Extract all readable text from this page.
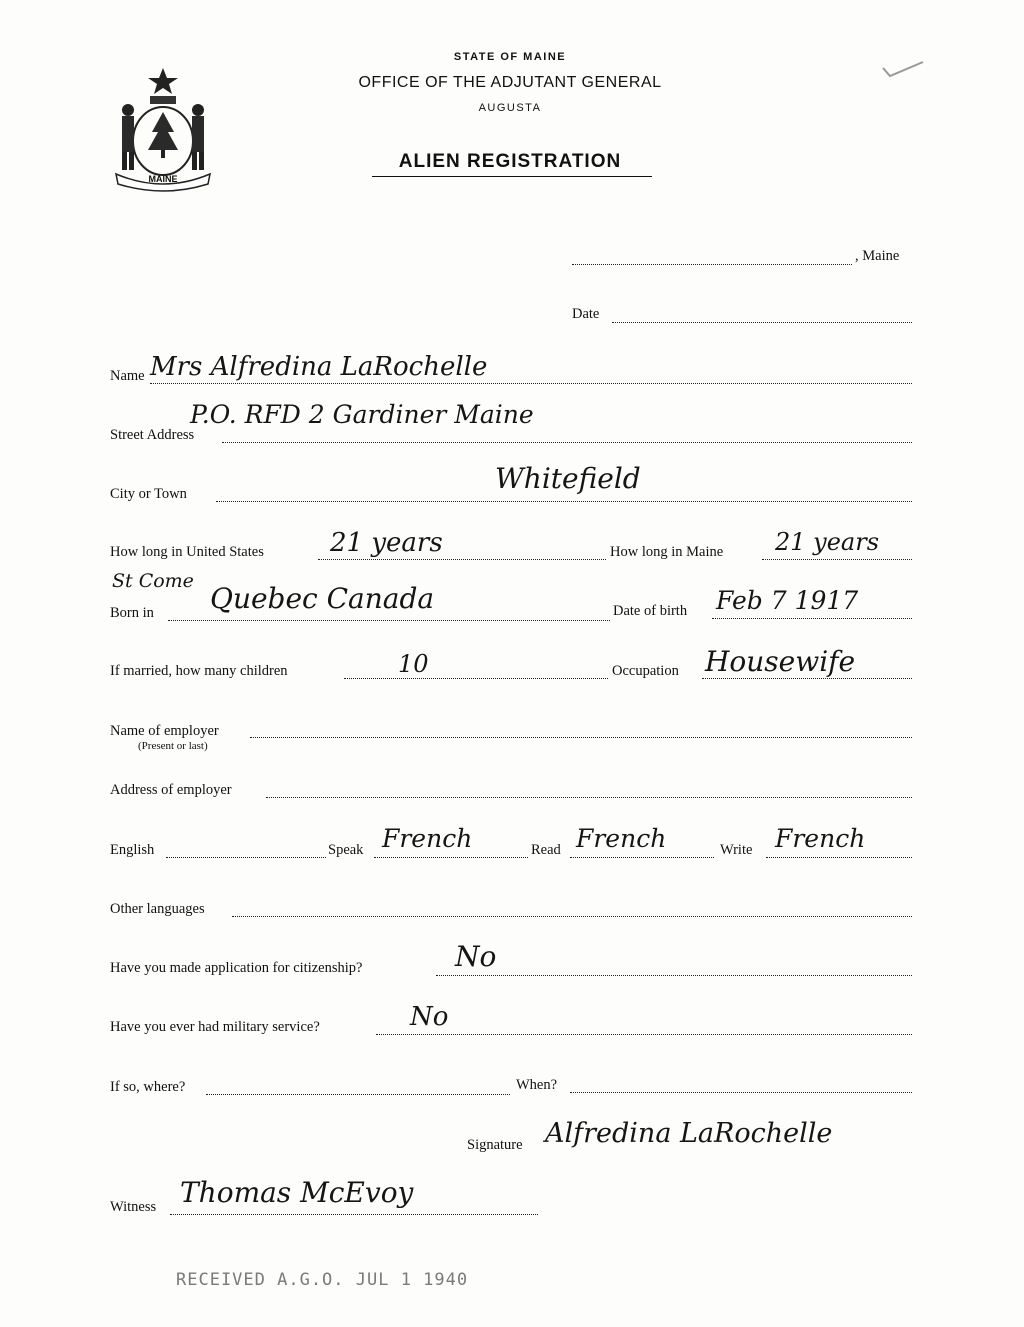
MAINE
STATE OF MAINE
OFFICE OF THE ADJUTANT GENERAL
AUGUSTA
ALIEN REGISTRATION
, Maine
Date
Name Mrs Alfredina LaRochelle
Street Address
P.O. RFD 2 Gardiner Maine
City or Town	Whitefield
How long in United States	21 years	How long in Maine 21 years
St Come
Born in Quebec Canada	Date of birth Feb 7 1917
If married, how many children	10	Occupation Housewife
Name of employer
(Present or last)
Address of employer
English	Speak French	Read French	Write French
Other languages
Have you made application for citizenship?	No
Have you ever had military service?	No
If so, where?	When?
Signature Alfredina LaRochelle
Witness Thomas McEvoy
RECEIVED A.G.O. JUL 1 1940
